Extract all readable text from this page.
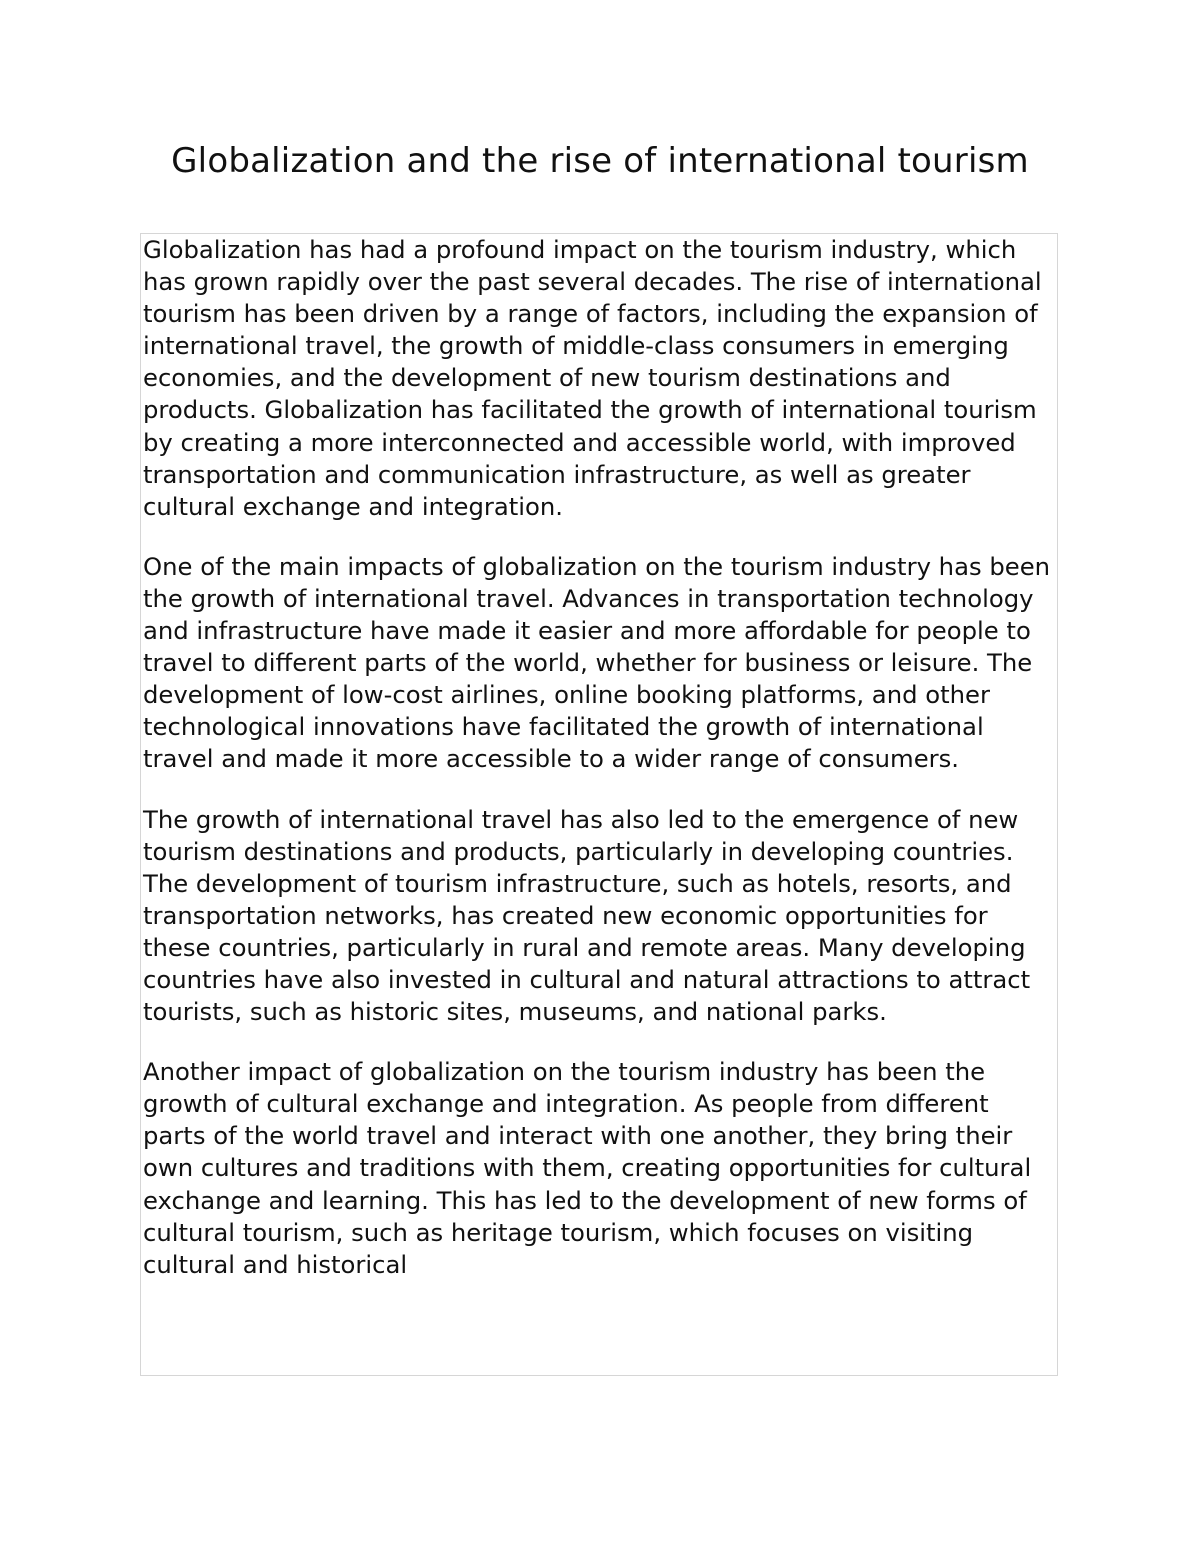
Globalization and the rise of international tourism

Globalization has had a profound impact on the tourism industry, which has grown rapidly over the past several decades. The rise of international tourism has been driven by a range of factors, including the expansion of international travel, the growth of middle-class consumers in emerging economies, and the development of new tourism destinations and products. Globalization has facilitated the growth of international tourism by creating a more interconnected and accessible world, with improved transportation and communication infrastructure, as well as greater cultural exchange and integration.

One of the main impacts of globalization on the tourism industry has been the growth of international travel. Advances in transportation technology and infrastructure have made it easier and more affordable for people to travel to different parts of the world, whether for business or leisure. The development of low-cost airlines, online booking platforms, and other technological innovations have facilitated the growth of international travel and made it more accessible to a wider range of consumers.

The growth of international travel has also led to the emergence of new tourism destinations and products, particularly in developing countries. The development of tourism infrastructure, such as hotels, resorts, and transportation networks, has created new economic opportunities for these countries, particularly in rural and remote areas. Many developing countries have also invested in cultural and natural attractions to attract tourists, such as historic sites, museums, and national parks.

Another impact of globalization on the tourism industry has been the growth of cultural exchange and integration. As people from different parts of the world travel and interact with one another, they bring their own cultures and traditions with them, creating opportunities for cultural exchange and learning. This has led to the development of new forms of cultural tourism, such as heritage tourism, which focuses on visiting cultural and historical
